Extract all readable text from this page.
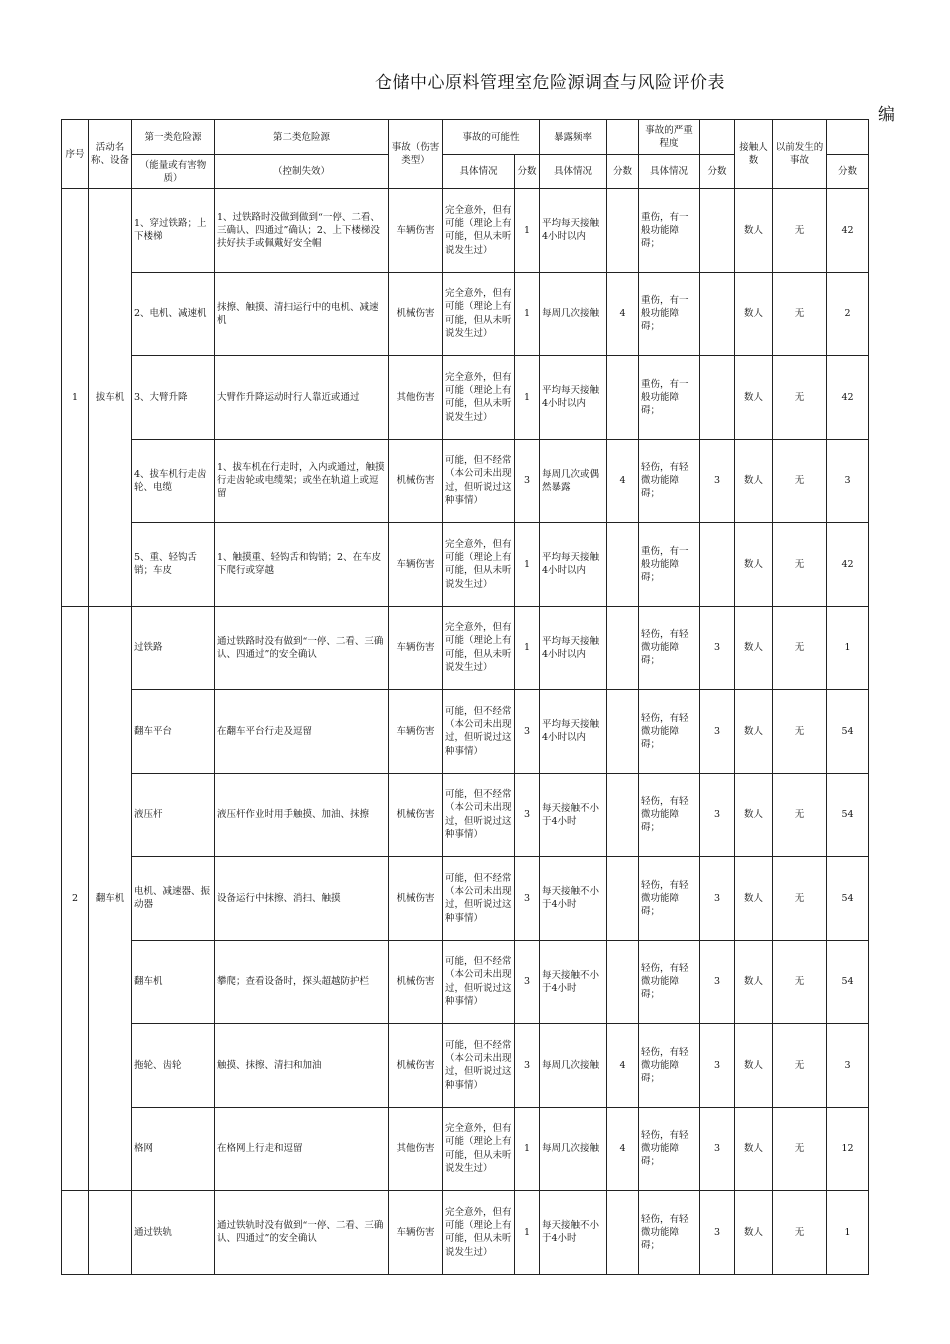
仓储中心原料管理室危险源调查与风险评价表
编
序号	活动名称、设备	第一类危险源	第二类危险源	事故（伤害类型）	事故的可能性		暴露频率		事故的严重程度		接触人数	以前发生的事故	
		（能量或有害物质）	（控制失效）		具体情况	分数	具体情况	分数	具体情况	分数			分数
1	拔车机	1、穿过铁路；上下楼梯	1、过铁路时没做到做到“一停、二看、三确认、四通过”确认；2、上下楼梯没扶好扶手或佩戴好安全帽	车辆伤害	完全意外，但有可能（理论上有可能，但从未听说发生过）	1	平均每天接触4小时以内		重伤，有一般功能障碍；		数人	无	42
		2、电机、减速机	抹擦、触摸、清扫运行中的电机、减速机	机械伤害	完全意外，但有可能（理论上有可能，但从未听说发生过）	1	每周几次接触	4	重伤，有一般功能障碍；		数人	无	2
		3、大臂升降	大臂作升降运动时行人靠近或通过	其他伤害	完全意外，但有可能（理论上有可能，但从未听说发生过）	1	平均每天接触4小时以内		重伤，有一般功能障碍；		数人	无	42
		4、拔车机行走齿轮、电缆	1、拔车机在行走时，入内或通过，触摸行走齿轮或电缆架；或坐在轨道上或逗留	机械伤害	可能，但不经常（本公司未出现过，但听说过这种事情）	3	每周几次或偶然暴露	4	轻伤，有轻微功能障碍；	3	数人	无	3
		5、重、轻钩舌销；车皮	1、触摸重、轻钩舌和钩销；2、在车皮下爬行或穿越	车辆伤害	完全意外，但有可能（理论上有可能，但从未听说发生过）	1	平均每天接触4小时以内		重伤，有一般功能障碍；		数人	无	42
2	翻车机	过铁路	通过铁路时没有做到“一停、二看、三确认、四通过”的安全确认	车辆伤害	完全意外，但有可能（理论上有可能，但从未听说发生过）	1	平均每天接触4小时以内		轻伤，有轻微功能障碍；	3	数人	无	1
		翻车平台	在翻车平台行走及逗留	车辆伤害	可能，但不经常（本公司未出现过，但听说过这种事情）	3	平均每天接触4小时以内		轻伤，有轻微功能障碍；	3	数人	无	54
		液压杆	液压杆作业时用手触摸、加油、抹擦	机械伤害	可能，但不经常（本公司未出现过，但听说过这种事情）	3	每天接触不小于4小时		轻伤，有轻微功能障碍；	3	数人	无	54
		电机、减速器、振动器	设备运行中抹擦、消扫、触摸	机械伤害	可能，但不经常（本公司未出现过，但听说过这种事情）	3	每天接触不小于4小时		轻伤，有轻微功能障碍；	3	数人	无	54
		翻车机	攀爬；查看设备时，探头超越防护栏	机械伤害	可能，但不经常（本公司未出现过，但听说过这种事情）	3	每天接触不小于4小时		轻伤，有轻微功能障碍；	3	数人	无	54
		拖轮、齿轮	触摸、抹擦、清扫和加油	机械伤害	可能，但不经常（本公司未出现过，但听说过这种事情）	3	每周几次接触	4	轻伤，有轻微功能障碍；	3	数人	无	3
		格网	在格网上行走和逗留	其他伤害	完全意外，但有可能（理论上有可能，但从未听说发生过）	1	每周几次接触	4	轻伤，有轻微功能障碍；	3	数人	无	12
		通过铁轨	通过铁轨时没有做到“一停、二看、三确认、四通过”的安全确认	车辆伤害	完全意外，但有可能（理论上有可能，但从未听说发生过）	1	每天接触不小于4小时		轻伤，有轻微功能障碍；	3	数人	无	1
